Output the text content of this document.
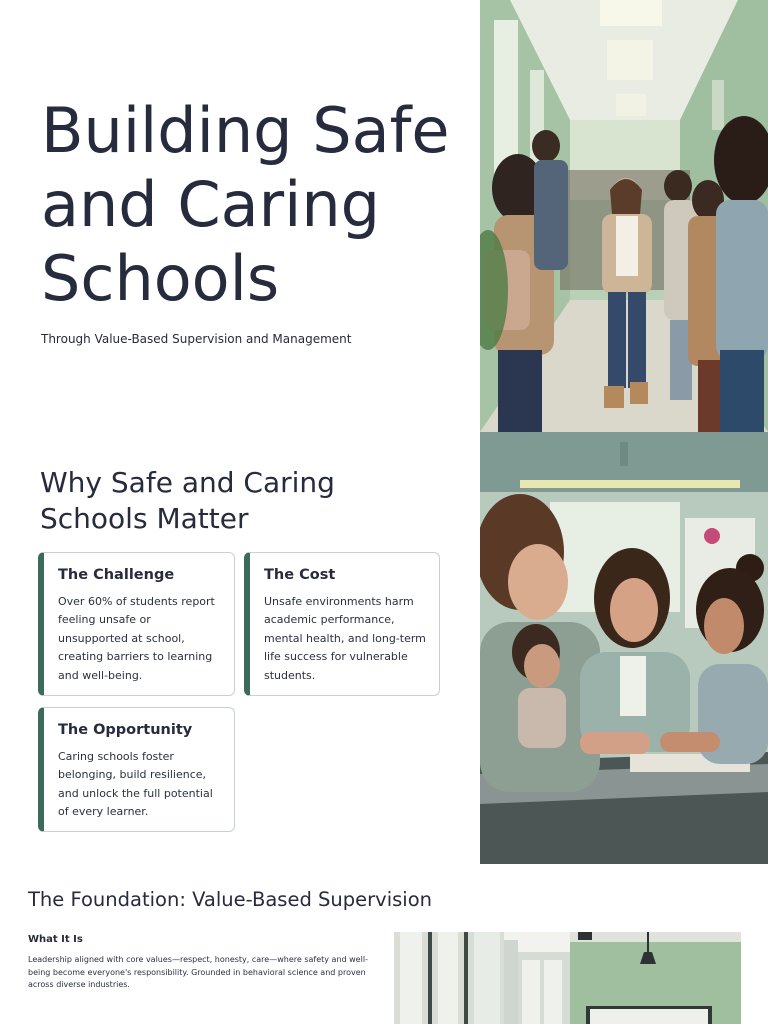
Building Safe and Caring Schools

Through Value-Based Supervision and Management

Why Safe and Caring Schools Matter
The Challenge

Over 60% of students report feeling unsafe or unsupported at school, creating barriers to learning and well-being.

The Cost

Unsafe environments harm academic performance, mental health, and long-term life success for vulnerable students.

The Opportunity

Caring schools foster belonging, build resilience, and unlock the full potential of every learner.

The Foundation: Value-Based Supervision
What It Is

Leadership aligned with core values—respect, honesty, care—where safety and well-being become everyone's responsibility. Grounded in behavioral science and proven across diverse industries.
